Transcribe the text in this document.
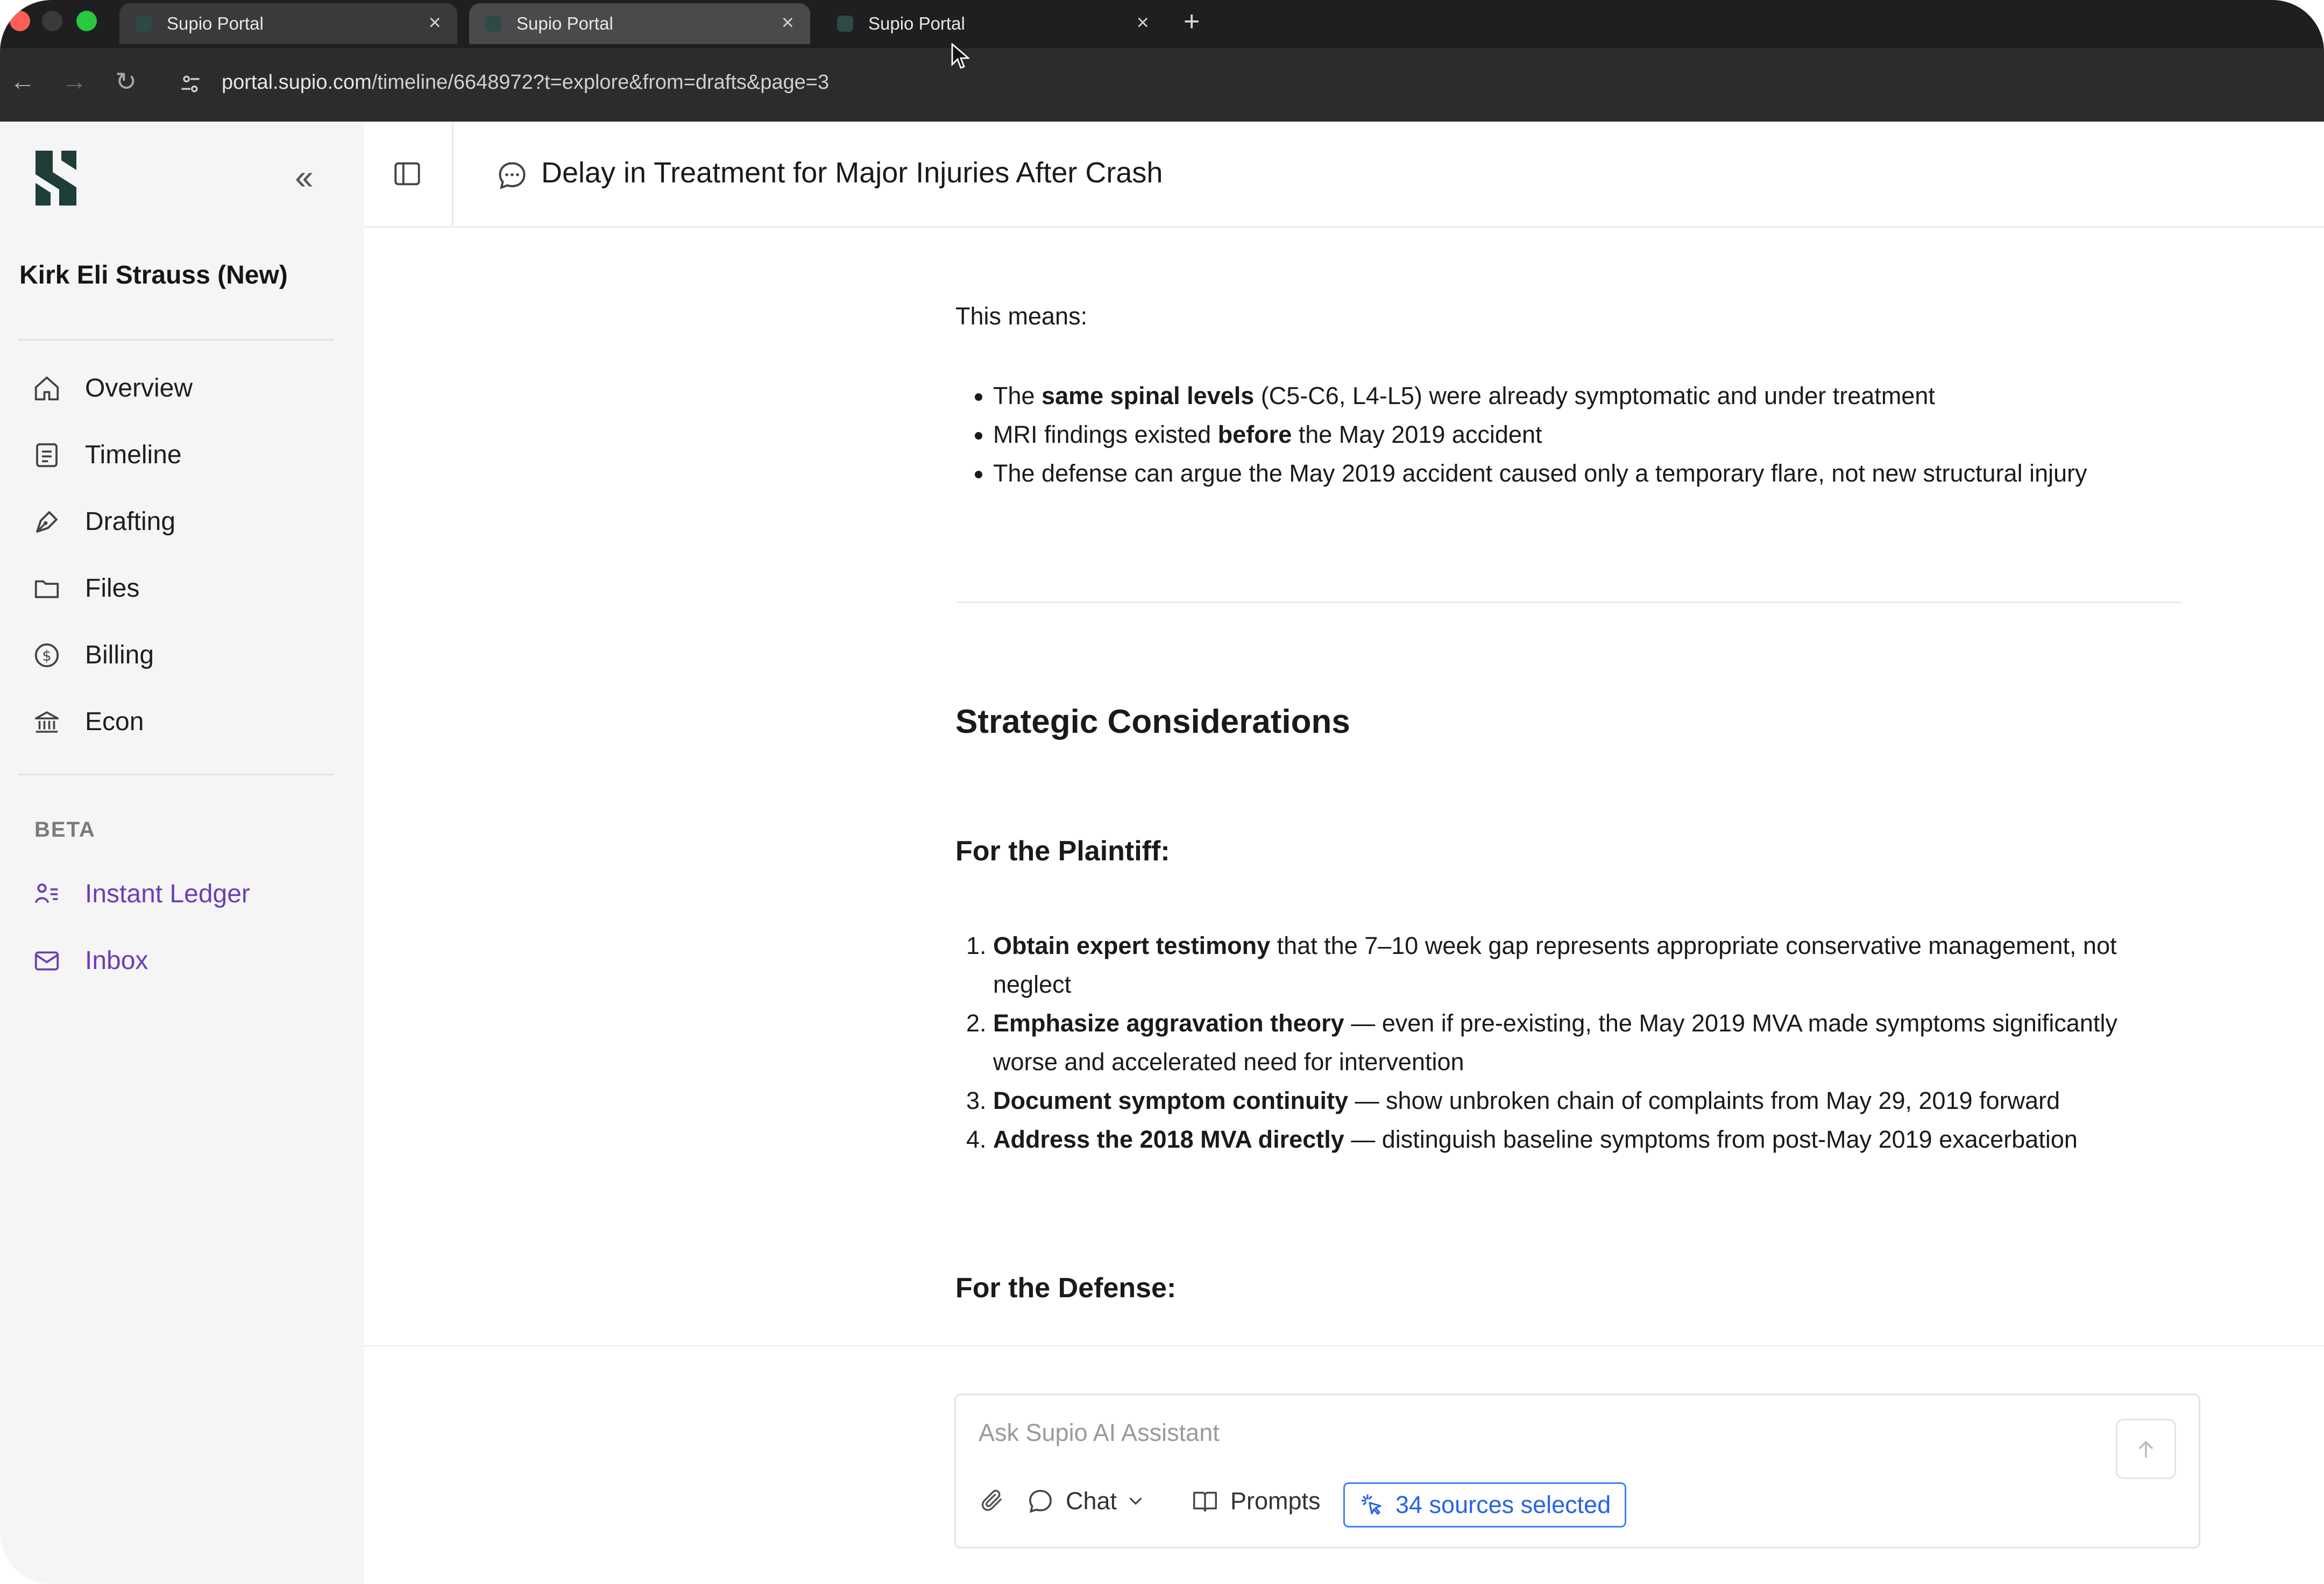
Supio Portal	×	Supio Portal	×	Supio Portal	× +
← → ↻	portal.supio.com/timeline/6648972?t=explore&from=drafts&page=3
‹‹
Kirk Eli Strauss (New)
Overview
Timeline
Drafting
Files
$ Billing
Econ
BETA
Instant Ledger
Inbox
Delay in Treatment for Major Injuries After Crash

This means:

• The same spinal levels (C5-C6, L4-L5) were already symptomatic and under treatment
• MRI findings existed before the May 2019 accident
• The defense can argue the May 2019 accident caused only a temporary flare, not new structural injury
Strategic Considerations
For the Plaintiff:
1. Obtain expert testimony that the 7–10 week gap represents appropriate conservative management, not neglect
2. Emphasize aggravation theory — even if pre-existing, the May 2019 MVA made symptoms significantly worse and accelerated need for intervention
3. Document symptom continuity — show unbroken chain of complaints from May 29, 2019 forward
4. Address the 2018 MVA directly — distinguish baseline symptoms from post-May 2019 exacerbation
For the Defense:
Ask Supio AI Assistant
Chat	Prompts	34 sources selected
